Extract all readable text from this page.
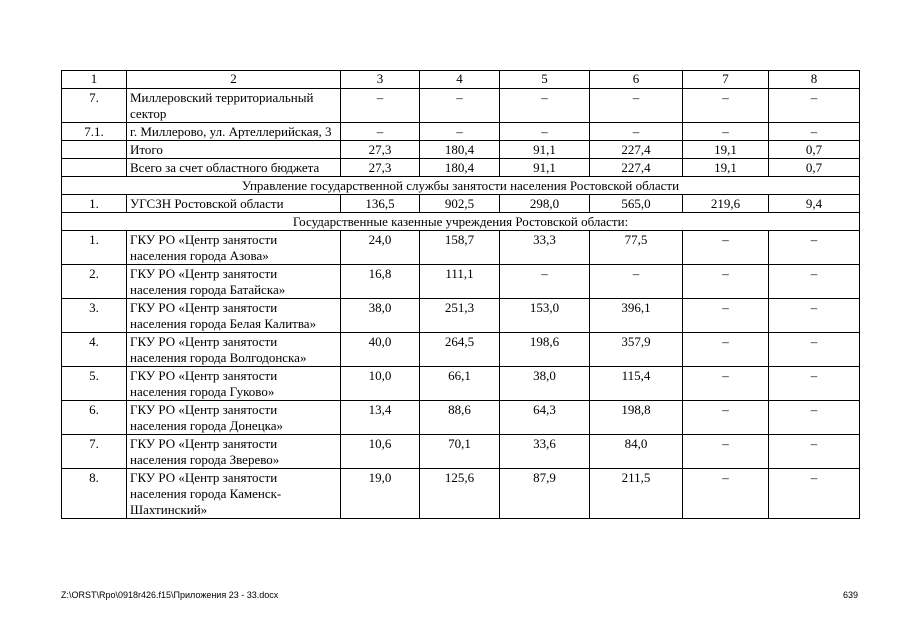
1	2	3	4	5	6	7	8
7.	Миллеровский территориальный сектор	–	–	–	–	–	–
7.1.	г. Миллерово, ул. Артеллерийская, 3	–	–	–	–	–	–
	Итого	27,3	180,4	91,1	227,4	19,1	0,7
	Всего за счет областного бюджета	27,3	180,4	91,1	227,4	19,1	0,7
Управление государственной службы занятости населения Ростовской области							
1.	УГСЗН Ростовской области	136,5	902,5	298,0	565,0	219,6	9,4
Государственные казенные учреждения Ростовской области:							
1.	ГКУ РО «Центр занятости населения города Азова»	24,0	158,7	33,3	77,5	–	–
2.	ГКУ РО «Центр занятости населения города Батайска»	16,8	111,1	–	–	–	–
3.	ГКУ РО «Центр занятости населения города Белая Калитва»	38,0	251,3	153,0	396,1	–	–
4.	ГКУ РО «Центр занятости населения города Волгодонска»	40,0	264,5	198,6	357,9	–	–
5.	ГКУ РО «Центр занятости населения города Гуково»	10,0	66,1	38,0	115,4	–	–
6.	ГКУ РО «Центр занятости населения города Донецка»	13,4	88,6	64,3	198,8	–	–
7.	ГКУ РО «Центр занятости населения города Зверево»	10,6	70,1	33,6	84,0	–	–
8.	ГКУ РО «Центр занятости населения города Каменск-Шахтинский»	19,0	125,6	87,9	211,5	–	–
Z:\ORST\Rpo\0918r426.f15\Приложения 23 - 33.docx	639
